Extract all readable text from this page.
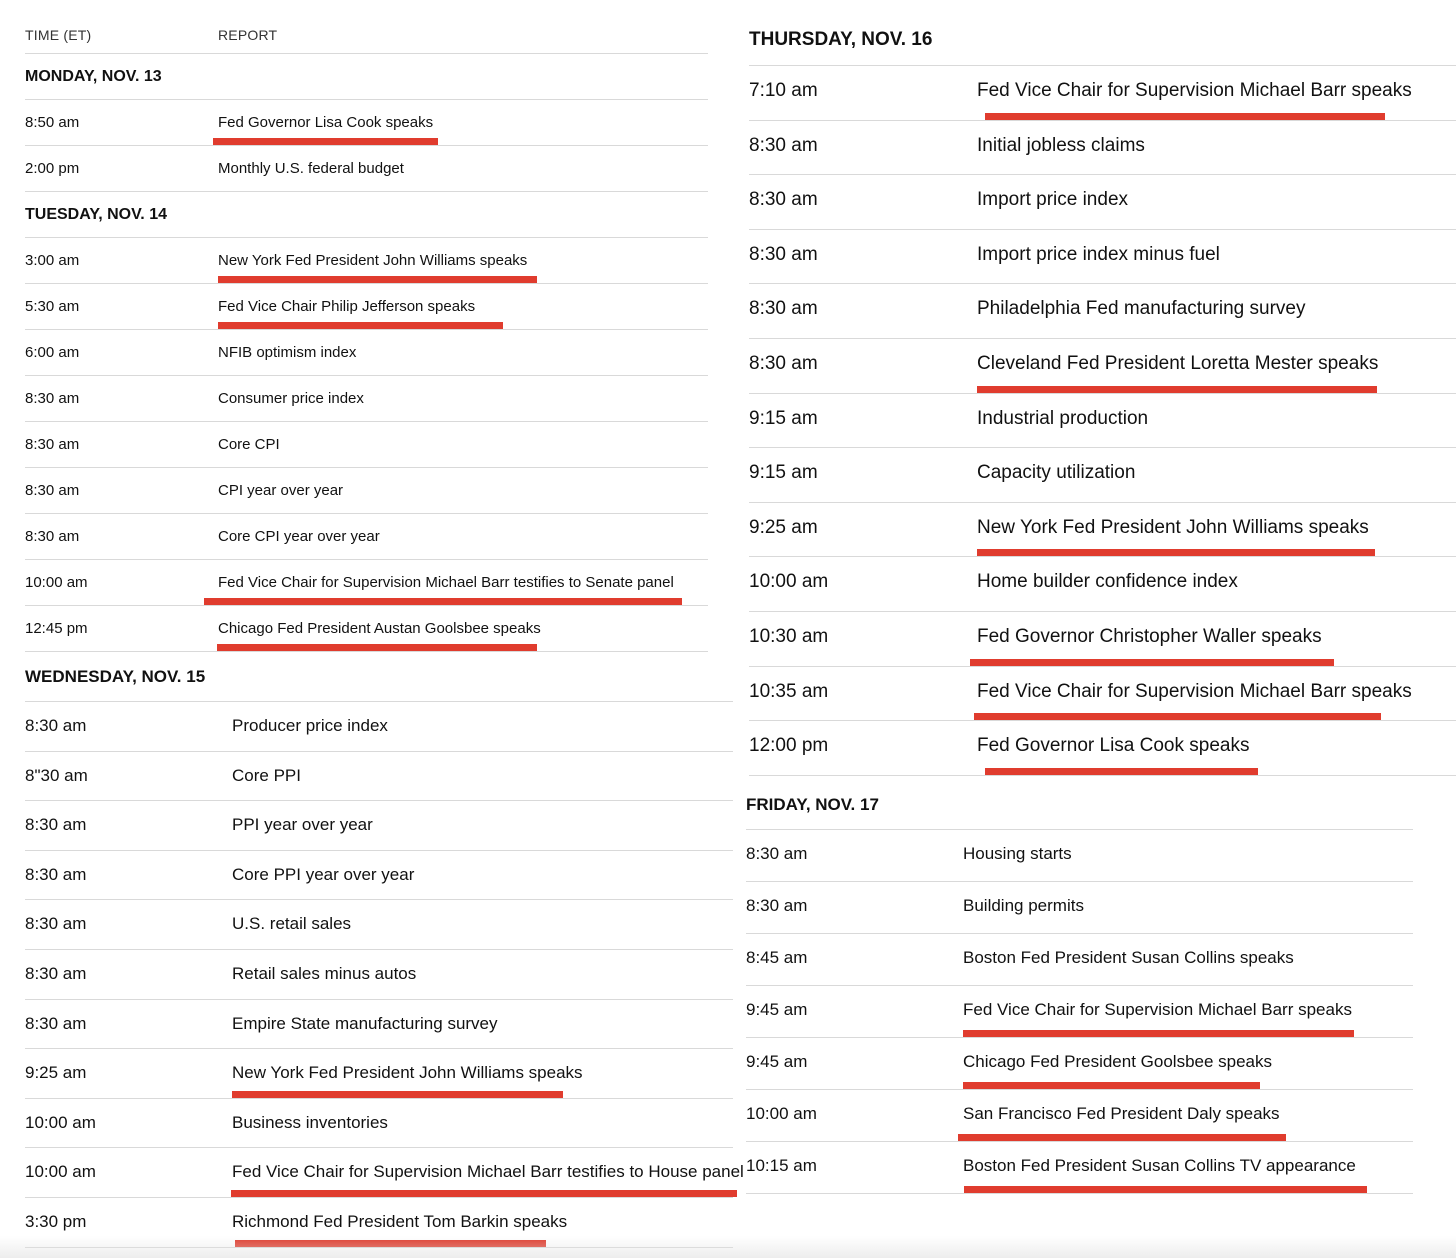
TIME (ET)	REPORT
MONDAY, NOV. 13
8:50 am	Fed Governor Lisa Cook speaks
2:00 pm	Monthly U.S. federal budget
TUESDAY, NOV. 14
3:00 am	New York Fed President John Williams speaks
5:30 am	Fed Vice Chair Philip Jefferson speaks
6:00 am	NFIB optimism index
8:30 am	Consumer price index
8:30 am	Core CPI
8:30 am	CPI year over year
8:30 am	Core CPI year over year
10:00 am	Fed Vice Chair for Supervision Michael Barr testifies to Senate panel
12:45 pm	Chicago Fed President Austan Goolsbee speaks
WEDNESDAY, NOV. 15
8:30 am	Producer price index
8"30 am	Core PPI
8:30 am	PPI year over year
8:30 am	Core PPI year over year
8:30 am	U.S. retail sales
8:30 am	Retail sales minus autos
8:30 am	Empire State manufacturing survey
9:25 am	New York Fed President John Williams speaks
10:00 am	Business inventories
10:00 am	Fed Vice Chair for Supervision Michael Barr testifies to House panel
3:30 pm	Richmond Fed President Tom Barkin speaks
THURSDAY, NOV. 16
7:10 am	Fed Vice Chair for Supervision Michael Barr speaks
8:30 am	Initial jobless claims
8:30 am	Import price index
8:30 am	Import price index minus fuel
8:30 am	Philadelphia Fed manufacturing survey
8:30 am	Cleveland Fed President Loretta Mester speaks
9:15 am	Industrial production
9:15 am	Capacity utilization
9:25 am	New York Fed President John Williams speaks
10:00 am	Home builder confidence index
10:30 am	Fed Governor Christopher Waller speaks
10:35 am	Fed Vice Chair for Supervision Michael Barr speaks
12:00 pm	Fed Governor Lisa Cook speaks
FRIDAY, NOV. 17
8:30 am	Housing starts
8:30 am	Building permits
8:45 am	Boston Fed President Susan Collins speaks
9:45 am	Fed Vice Chair for Supervision Michael Barr speaks
9:45 am	Chicago Fed President Goolsbee speaks
10:00 am	San Francisco Fed President Daly speaks
10:15 am	Boston Fed President Susan Collins TV appearance
